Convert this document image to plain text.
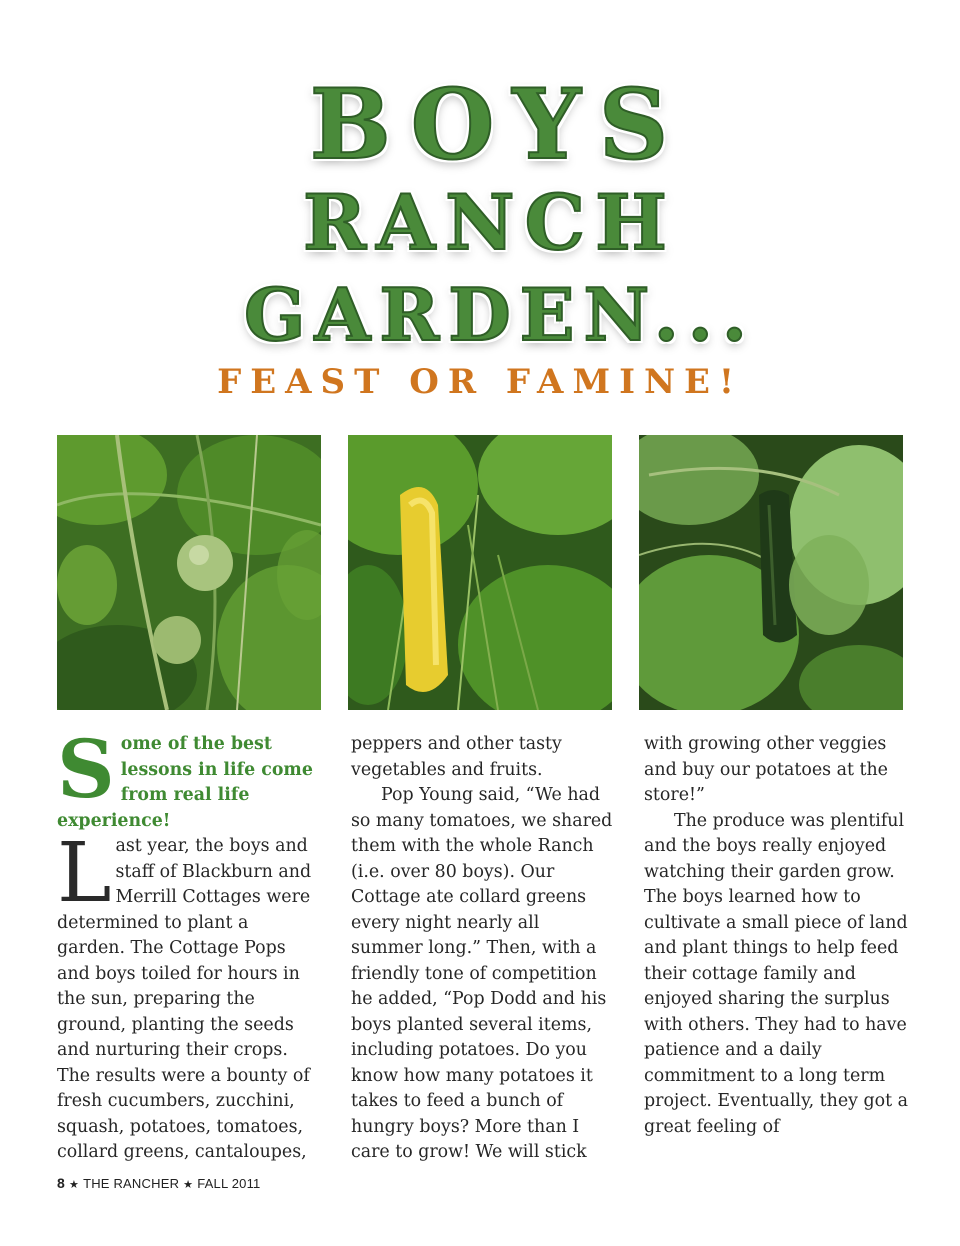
BOYS
RANCH
GARDEN...
FEAST OR FAMINE!

Some of the best lessons in life come from real life experience!

Last year, the boys and staff of Blackburn and Merrill Cottages were determined to plant a garden. The Cottage Pops and boys toiled for hours in the sun, preparing the ground, planting the seeds and nurturing their crops. The results were a bounty of fresh cucumbers, zucchini, squash, potatoes, tomatoes, collard greens, cantaloupes,

peppers and other tasty vegetables and fruits.

Pop Young said, “We had so many tomatoes, we shared them with the whole Ranch (i.e. over 80 boys). Our Cottage ate collard greens every night nearly all summer long.” Then, with a friendly tone of competition he added, “Pop Dodd and his boys planted several items, including potatoes. Do you know how many potatoes it takes to feed a bunch of hungry boys? More than I care to grow! We will stick

with growing other veggies and buy our potatoes at the store!”

The produce was plentiful and the boys really enjoyed watching their garden grow. The boys learned how to cultivate a small piece of land and plant things to help feed their cottage family and enjoyed sharing the surplus with others. They had to have patience and a daily commitment to a long term project. Eventually, they got a great feeling of

8 ★ THE RANCHER ★ FALL 2011
